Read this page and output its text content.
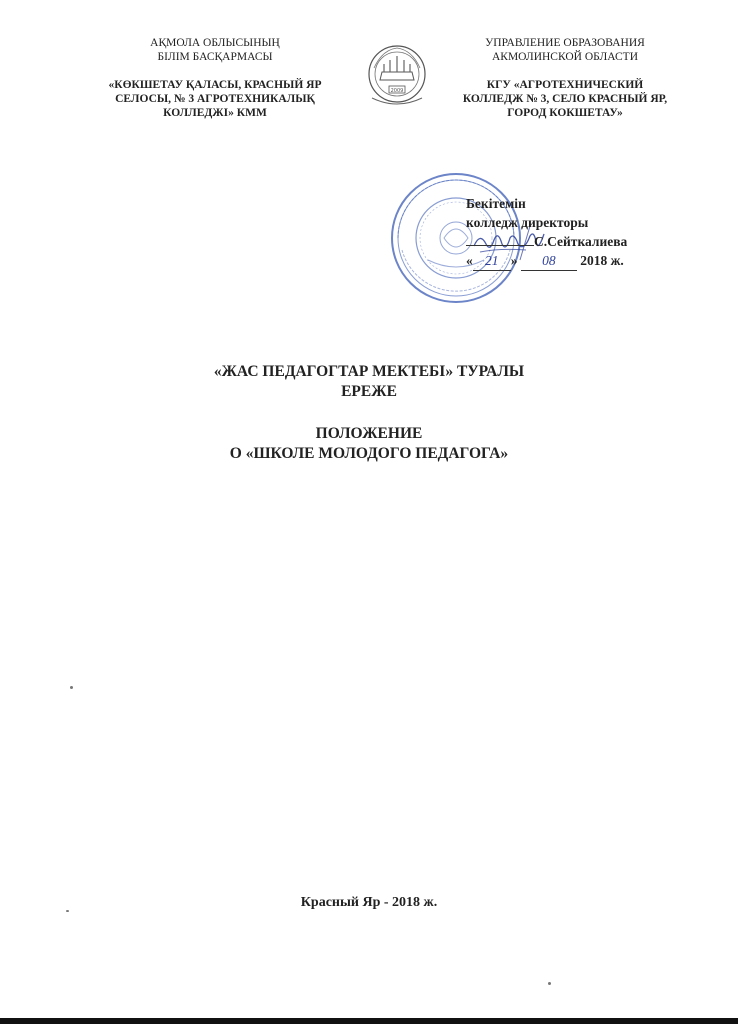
АҚМОЛА ОБЛЫСЫНЫҢ
БІЛІМ БАСҚАРМАСЫ
«КӨКШЕТАУ ҚАЛАСЫ, КРАСНЫЙ ЯР
СЕЛОСЫ, № 3 АГРОТЕХНИКАЛЫҚ
КОЛЛЕДЖІ» КММ
2009
УПРАВЛЕНИЕ ОБРАЗОВАНИЯ
АКМОЛИНСКОЙ ОБЛАСТИ
КГУ «АГРОТЕХНИЧЕСКИЙ
КОЛЛЕДЖ № 3, СЕЛО КРАСНЫЙ ЯР,
ГОРОД КОКШЕТАУ»
Бекітемін
колледж директоры
С.Сейткалиева
« 21 » 08 2018 ж.
«ЖАС ПЕДАГОГТАР МЕКТЕБІ» ТУРАЛЫ
ЕРЕЖЕ
ПОЛОЖЕНИЕ
О «ШКОЛЕ МОЛОДОГО ПЕДАГОГА»
Красный Яр - 2018 ж.
